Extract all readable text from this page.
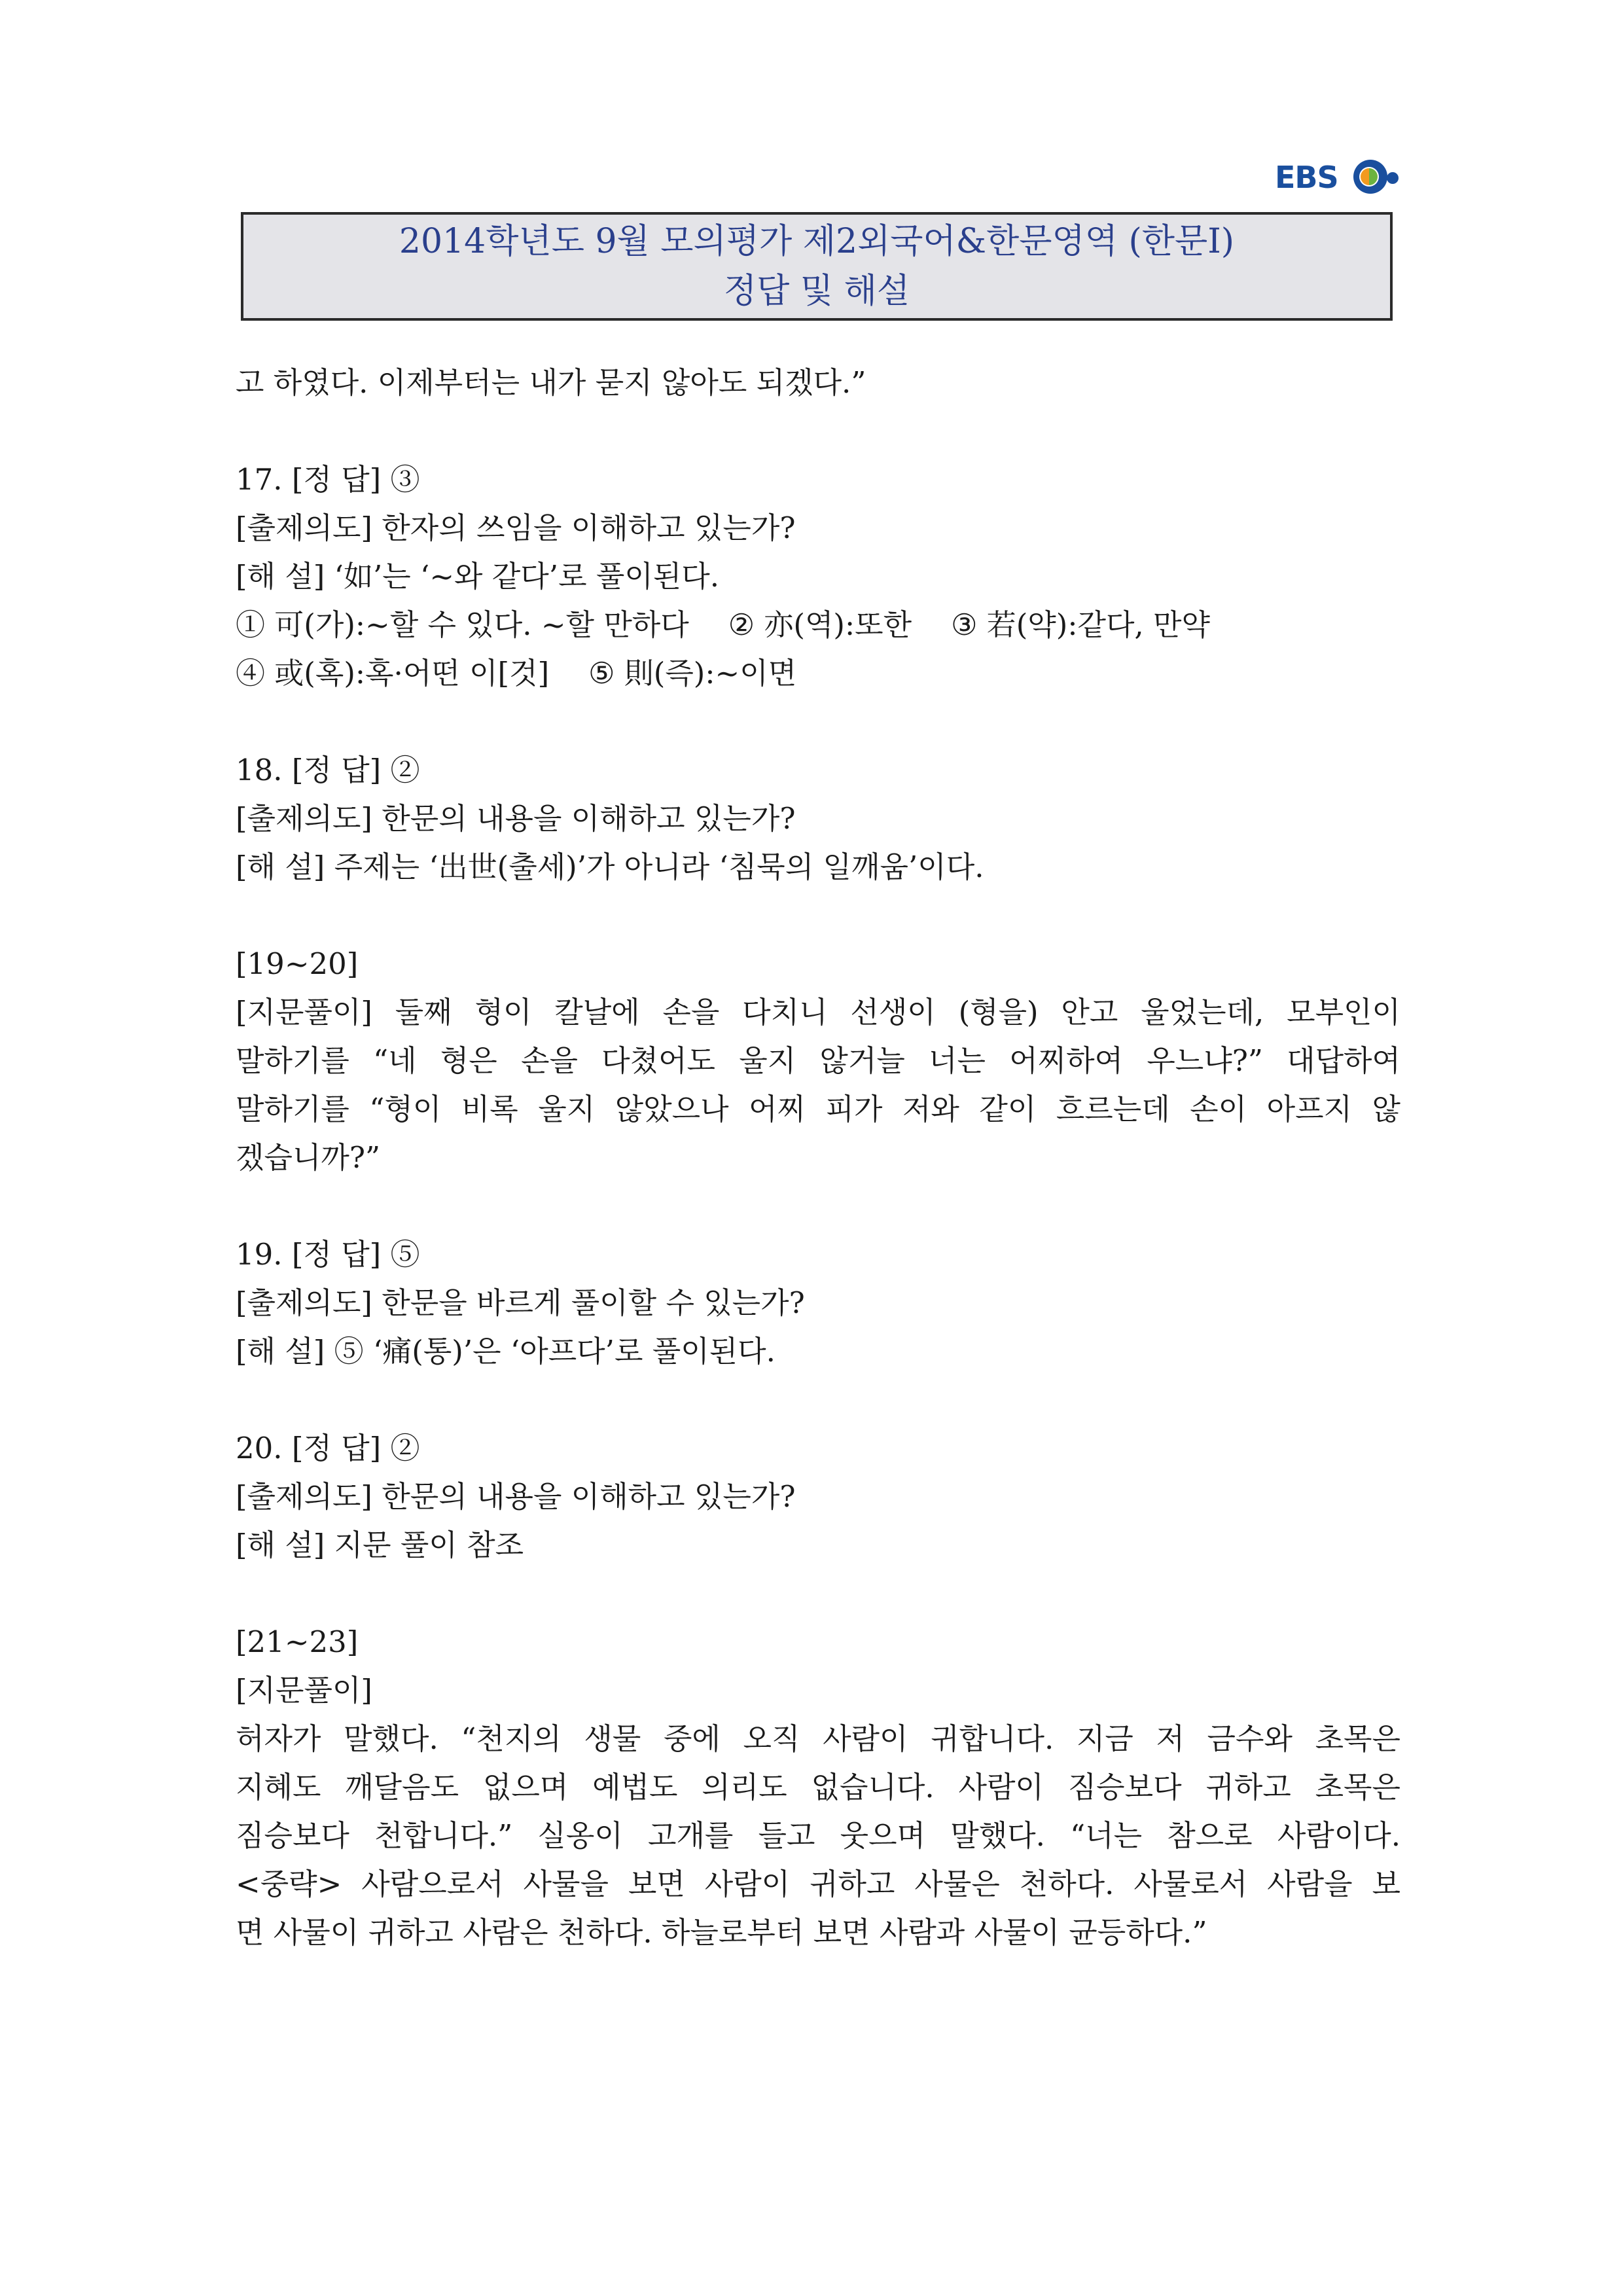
EBS
2014학년도 9월 모의평가 제2외국어&한문영역 (한문I)
정답 및 해설
고 하였다. 이제부터는 내가 묻지 않아도 되겠다.”
17. [정 답] ③
[출제의도] 한자의 쓰임을 이해하고 있는가?
[해 설] ‘如’는 ‘~와 같다’로 풀이된다.
① 可(가):~할 수 있다. ~할 만하다 ② 亦(역):또한 ③ 若(약):같다, 만약
④ 或(혹):혹·어떤 이[것] ⑤ 則(즉):~이면
18. [정 답] ②
[출제의도] 한문의 내용을 이해하고 있는가?
[해 설] 주제는 ‘出世(출세)’가 아니라 ‘침묵의 일깨움’이다.
[19~20]
[지문풀이] 둘째 형이 칼날에 손을 다치니 선생이 (형을) 안고 울었는데, 모부인이
말하기를 “네 형은 손을 다쳤어도 울지 않거늘 너는 어찌하여 우느냐?” 대답하여
말하기를 “형이 비록 울지 않았으나 어찌 피가 저와 같이 흐르는데 손이 아프지 않
겠습니까?”
19. [정 답] ⑤
[출제의도] 한문을 바르게 풀이할 수 있는가?
[해 설] ⑤ ‘痛(통)’은 ‘아프다’로 풀이된다.
20. [정 답] ②
[출제의도] 한문의 내용을 이해하고 있는가?
[해 설] 지문 풀이 참조
[21~23]
[지문풀이]
허자가 말했다. “천지의 생물 중에 오직 사람이 귀합니다. 지금 저 금수와 초목은
지혜도 깨달음도 없으며 예법도 의리도 없습니다. 사람이 짐승보다 귀하고 초목은
짐승보다 천합니다.” 실옹이 고개를 들고 웃으며 말했다. “너는 참으로 사람이다.
<중략> 사람으로서 사물을 보면 사람이 귀하고 사물은 천하다. 사물로서 사람을 보
면 사물이 귀하고 사람은 천하다. 하늘로부터 보면 사람과 사물이 균등하다.”
